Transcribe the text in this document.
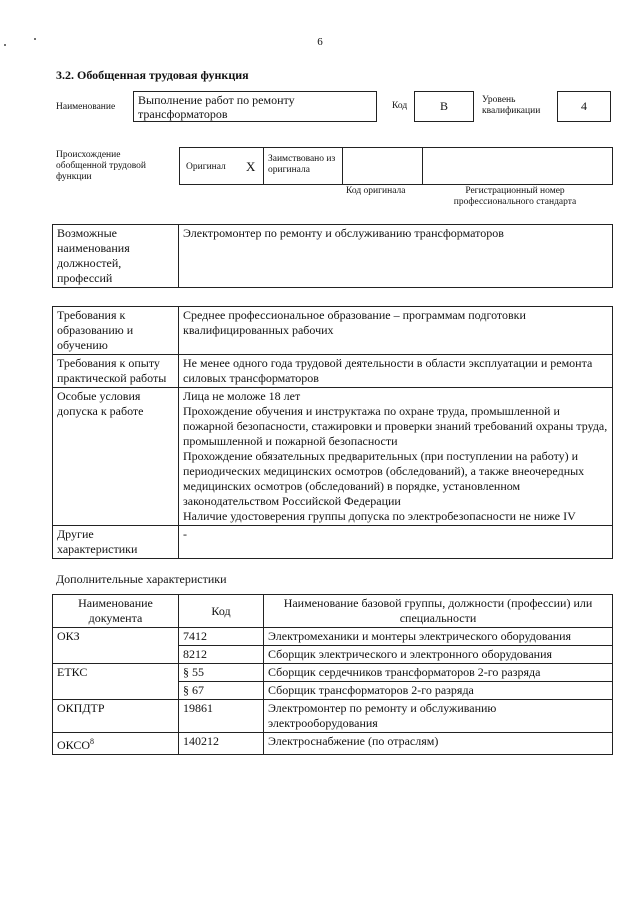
6
3.2. Обобщенная трудовая функция
Наименование	Выполнение работ по ремонту трансформаторов
Код	B	Уровень квалификации	4
Происхождение обобщенной трудовой функции
Оригинал X Заимствовано из оригинала
Код оригинала	Регистрационный номер профессионального стандарта
Возможные наименования должностей, профессий	Электромонтер по ремонту и обслуживанию трансформаторов
Требования к образованию и обучению	Среднее профессиональное образование – программам подготовки квалифицированных рабочих
Требования к опыту практической работы	Не менее одного года трудовой деятельности в области эксплуатации и ремонта силовых трансформаторов
Особые условия допуска к работе	Лица не моложе 18 лет
Прохождение обучения и инструктажа по охране труда, промышленной и пожарной безопасности, стажировки и проверки знаний требований охраны труда, промышленной и пожарной безопасности
Прохождение обязательных предварительных (при поступлении на работу) и периодических медицинских осмотров (обследований), а также внеочередных медицинских осмотров (обследований) в порядке, установленном законодательством Российской Федерации
Наличие удостоверения группы допуска по электробезопасности не ниже IV

Другие характеристики	-
Дополнительные характеристики
Наименование документа	Код	Наименование базовой группы, должности (профессии) или специальности
ОКЗ	7412	Электромеханики и монтеры электрического оборудования
	8212	Сборщик электрического и электронного оборудования
ЕТКС	§ 55	Сборщик сердечников трансформаторов 2-го разряда
	§ 67	Сборщик трансформаторов 2-го разряда
ОКПДТР	19861	Электромонтер по ремонту и обслуживанию электрооборудования
ОКСО$^8$	140212	Электроснабжение (по отраслям)
